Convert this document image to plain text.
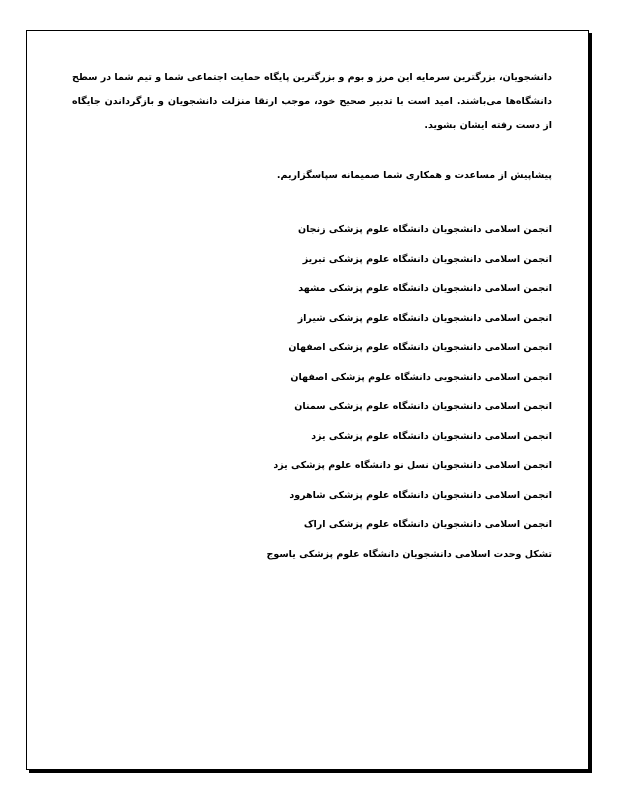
دانشجویان، بزرگترین سرمایه این مرز و بوم و بزرگترین پایگاه حمایت اجتماعی شما و تیم شما در سطح دانشگاه‌ها می‌باشند. امید است با تدبیر صحیح خود، موجب ارتقا منزلت دانشجویان و بازگرداندن جایگاه از دست رفته ایشان بشوید.

پیشاپیش از مساعدت و همکاری شما صمیمانه سپاسگزاریم.

انجمن اسلامی دانشجویان دانشگاه علوم پزشکی زنجان
انجمن اسلامی دانشجویان دانشگاه علوم پزشکی تبریز
انجمن اسلامی دانشجویان دانشگاه علوم پزشکی مشهد
انجمن اسلامی دانشجویان دانشگاه علوم پزشکی شیراز
انجمن اسلامی دانشجویان دانشگاه علوم پزشکی اصفهان
انجمن اسلامی دانشجویی دانشگاه علوم پزشکی اصفهان
انجمن اسلامی دانشجویان دانشگاه علوم پزشکی سمنان
انجمن اسلامی دانشجویان دانشگاه علوم پزشکی یزد
انجمن اسلامی دانشجویان نسل نو دانشگاه علوم پزشکی یزد
انجمن اسلامی دانشجویان دانشگاه علوم پزشکی شاهرود
انجمن اسلامی دانشجویان دانشگاه علوم پزشکی اراک
تشکل وحدت اسلامی دانشجویان دانشگاه علوم پزشکی یاسوج
